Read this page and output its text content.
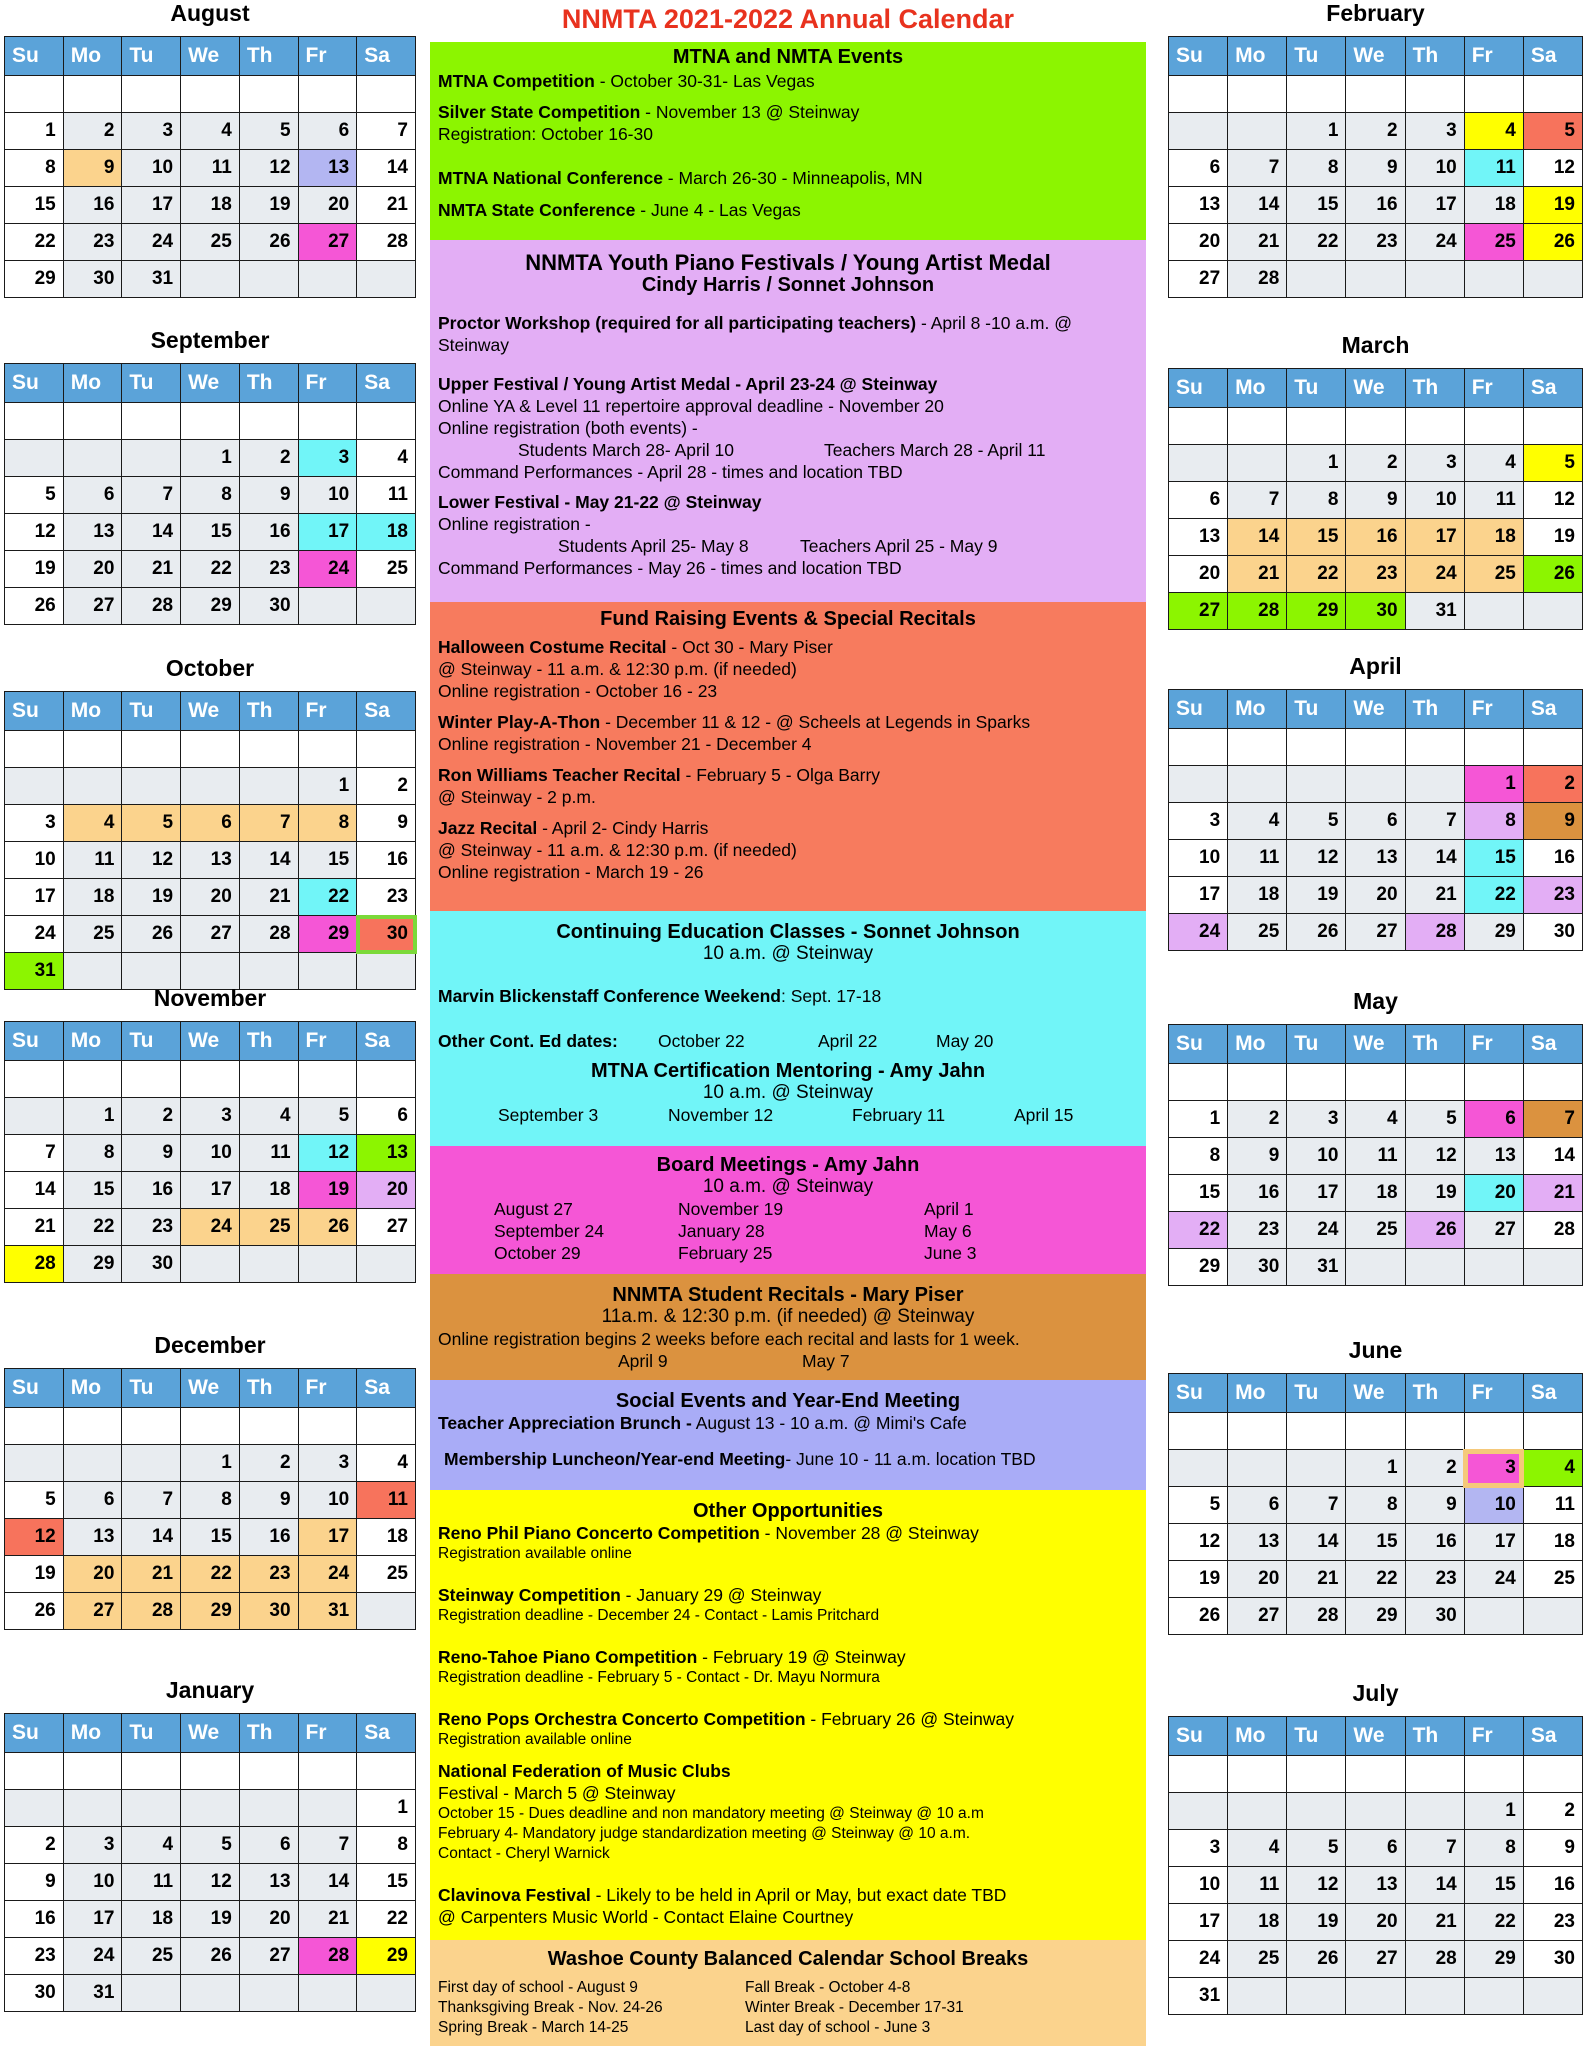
August
Su	Mo	Tu	We	Th	Fr	Sa

1	2	3	4	5	6	7
8	9	10	11	12	13	14
15	16	17	18	19	20	21
22	23	24	25	26	27	28
29	30	31				
September
Su	Mo	Tu	We	Th	Fr	Sa

			1	2	3	4
5	6	7	8	9	10	11
12	13	14	15	16	17	18
19	20	21	22	23	24	25
26	27	28	29	30		
October
Su	Mo	Tu	We	Th	Fr	Sa

					1	2
3	4	5	6	7	8	9
10	11	12	13	14	15	16
17	18	19	20	21	22	23
24	25	26	27	28	29	30
31						
November
Su	Mo	Tu	We	Th	Fr	Sa

	1	2	3	4	5	6
7	8	9	10	11	12	13
14	15	16	17	18	19	20
21	22	23	24	25	26	27
28	29	30				
December
Su	Mo	Tu	We	Th	Fr	Sa

			1	2	3	4
5	6	7	8	9	10	11
12	13	14	15	16	17	18
19	20	21	22	23	24	25
26	27	28	29	30	31	
January
Su	Mo	Tu	We	Th	Fr	Sa

						1
2	3	4	5	6	7	8
9	10	11	12	13	14	15
16	17	18	19	20	21	22
23	24	25	26	27	28	29
30	31					
February
Su	Mo	Tu	We	Th	Fr	Sa

		1	2	3	4	5
6	7	8	9	10	11	12
13	14	15	16	17	18	19
20	21	22	23	24	25	26
27	28					
March
Su	Mo	Tu	We	Th	Fr	Sa

		1	2	3	4	5
6	7	8	9	10	11	12
13	14	15	16	17	18	19
20	21	22	23	24	25	26
27	28	29	30	31		
April
Su	Mo	Tu	We	Th	Fr	Sa

					1	2
3	4	5	6	7	8	9
10	11	12	13	14	15	16
17	18	19	20	21	22	23
24	25	26	27	28	29	30
May
Su	Mo	Tu	We	Th	Fr	Sa

1	2	3	4	5	6	7
8	9	10	11	12	13	14
15	16	17	18	19	20	21
22	23	24	25	26	27	28
29	30	31				
June
Su	Mo	Tu	We	Th	Fr	Sa

			1	2	3	4
5	6	7	8	9	10	11
12	13	14	15	16	17	18
19	20	21	22	23	24	25
26	27	28	29	30		
July
Su	Mo	Tu	We	Th	Fr	Sa

					1	2
3	4	5	6	7	8	9
10	11	12	13	14	15	16
17	18	19	20	21	22	23
24	25	26	27	28	29	30
31						
NNMTA 2021-2022 Annual Calendar
MTNA and NMTA Events

MTNA Competition - October 30-31- Las Vegas

Silver State Competition - November 13 @ Steinway

Registration: October 16-30

MTNA National Conference - March 26-30 - Minneapolis, MN

NMTA State Conference - June 4 - Las Vegas

NNMTA Youth Piano Festivals / Young Artist Medal
Cindy Harris / Sonnet Johnson

Proctor Workshop (required for all participating teachers) - April 8 -10 a.m. @ Steinway

Upper Festival / Young Artist Medal - April 23-24 @ Steinway

Online YA & Level 11 repertoire approval deadline - November 20

Online registration (both events) -

Students March 28- April 10	Teachers March 28 - April 11

Command Performances - April 28 - times and location TBD

Lower Festival - May 21-22 @ Steinway

Online registration -

Students April 25- May 8	Teachers April 25 - May 9

Command Performances - May 26 - times and location TBD

Fund Raising Events & Special Recitals

Halloween Costume Recital - Oct 30 - Mary Piser

@ Steinway - 11 a.m. & 12:30 p.m. (if needed)

Online registration - October 16 - 23

Winter Play-A-Thon - December 11 & 12 - @ Scheels at Legends in Sparks

Online registration - November 21 - December 4

Ron Williams Teacher Recital - February 5 - Olga Barry

@ Steinway - 2 p.m.

Jazz Recital - April 2- Cindy Harris

@ Steinway - 11 a.m. & 12:30 p.m. (if needed)

Online registration - March 19 - 26

Continuing Education Classes - Sonnet Johnson
10 a.m. @ Steinway

Marvin Blickenstaff Conference Weekend: Sept. 17-18

Other Cont. Ed dates:	October 22	April 22	May 20

MTNA Certification Mentoring - Amy Jahn
10 a.m. @ Steinway

September 3	November 12	February 11	April 15

Board Meetings - Amy Jahn
10 a.m. @ Steinway

August 27	November 19	April 1

September 24	January 28	May 6

October 29	February 25	June 3

NNMTA Student Recitals - Mary Piser
11a.m. & 12:30 p.m. (if needed) @ Steinway

Online registration begins 2 weeks before each recital and lasts for 1 week.

April 9	May 7

Social Events and Year-End Meeting

Teacher Appreciation Brunch - August 13 - 10 a.m. @ Mimi's Cafe

Membership Luncheon/Year-end Meeting- June 10 - 11 a.m. location TBD

Other Opportunities

Reno Phil Piano Concerto Competition - November 28 @ Steinway

Registration available online

Steinway Competition - January 29 @ Steinway

Registration deadline - December 24 - Contact - Lamis Pritchard

Reno-Tahoe Piano Competition - February 19 @ Steinway

Registration deadline - February 5 - Contact - Dr. Mayu Normura

Reno Pops Orchestra Concerto Competition - February 26 @ Steinway

Registration available online

National Federation of Music Clubs

Festival - March 5 @ Steinway

October 15 - Dues deadline and non mandatory meeting @ Steinway @ 10 a.m

February 4- Mandatory judge standardization meeting @ Steinway @ 10 a.m.

Contact - Cheryl Warnick

Clavinova Festival - Likely to be held in April or May, but exact date TBD

@ Carpenters Music World - Contact Elaine Courtney

Washoe County Balanced Calendar School Breaks

First day of school - August 9

Thanksgiving Break - Nov. 24-26

Spring Break - March 14-25

Fall Break - October 4-8

Winter Break - December 17-31

Last day of school - June 3
